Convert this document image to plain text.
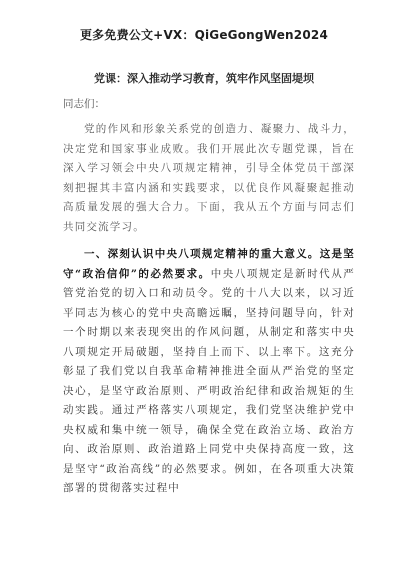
更多免费公文+VX：QiGeGongWen2024
党课：深入推动学习教育，筑牢作风坚固堤坝
同志们：

党的作风和形象关系党的创造力、凝聚力、战斗力，决定党和国家事业成败。我们开展此次专题党课，旨在深入学习领会中央八项规定精神，引导全体党员干部深刻把握其丰富内涵和实践要求，以优良作风凝聚起推动高质量发展的强大合力。下面，我从五个方面与同志们共同交流学习。

一、深刻认识中央八项规定精神的重大意义。这是坚守“政治信仰”的必然要求。中央八项规定是新时代从严管党治党的切入口和动员令。党的十八大以来，以习近平同志为核心的党中央高瞻远瞩，坚持问题导向，针对一个时期以来表现突出的作风问题，从制定和落实中央八项规定开局破题，坚持自上而下、以上率下。这充分彰显了我们党以自我革命精神推进全面从严治党的坚定决心，是坚守政治原则、严明政治纪律和政治规矩的生动实践。通过严格落实八项规定，我们党坚决维护党中央权威和集中统一领导，确保全党在政治立场、政治方向、政治原则、政治道路上同党中央保持高度一致，这是坚守“政治高线”的必然要求。例如，在各项重大决策部署的贯彻落实过程中
